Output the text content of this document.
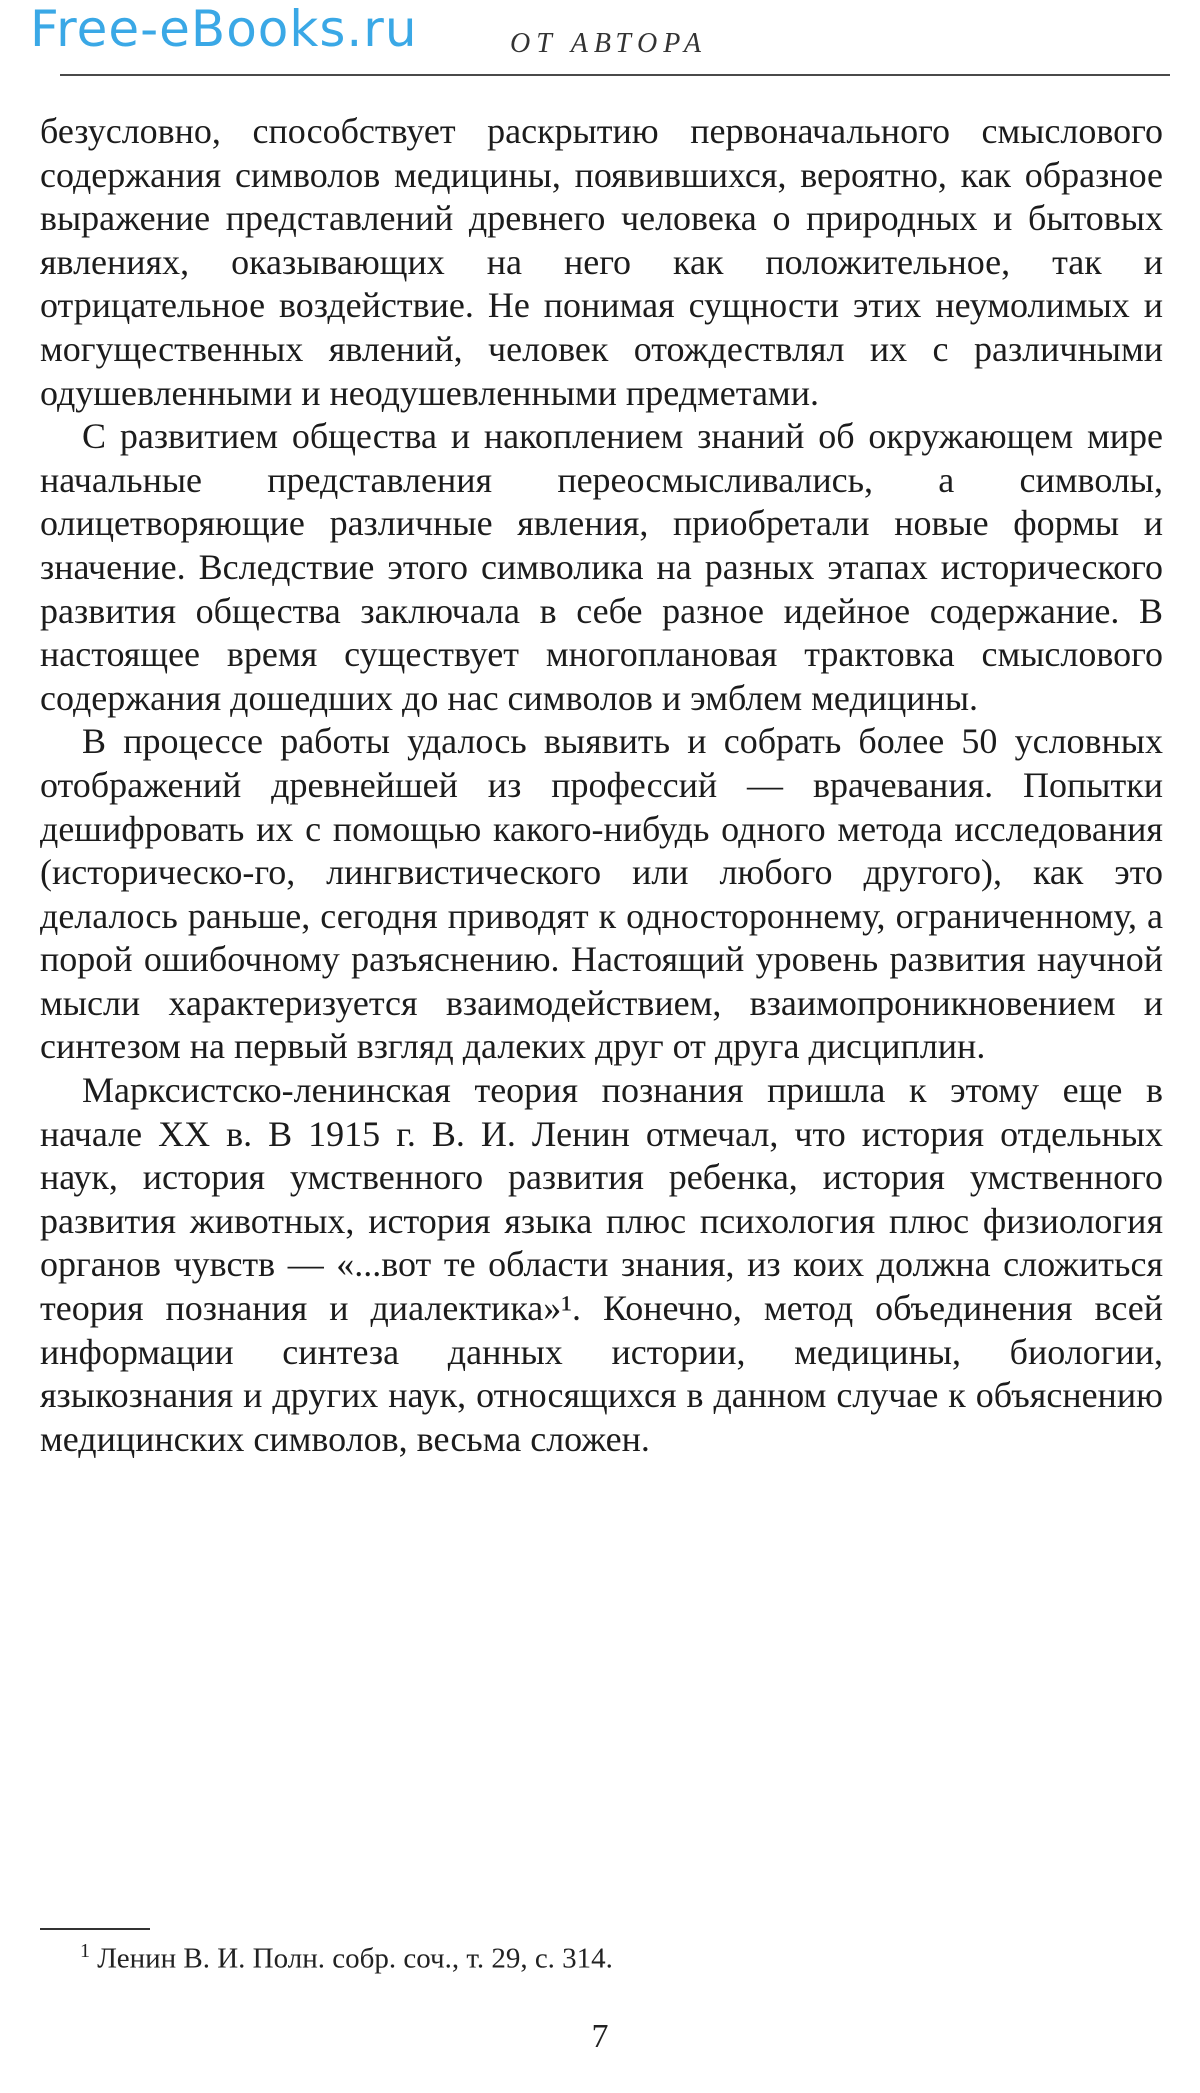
Free-eBooks.ru	ОТ АВТОРА

безусловно, способствует раскрытию первоначального смыслового содержания символов медицины, появившихся, вероятно, как образное выражение представлений древнего человека о природных и бытовых явлениях, оказывающих на него как положительное, так и отрицательное воздействие. Не понимая сущности этих неумолимых и могущественных явлений, человек отождествлял их с различными одушевленными и неодушевленными предметами.

С развитием общества и накоплением знаний об окружающем мире начальные представления переосмысливались, а символы, олицетворяющие различные явления, приобретали новые формы и значение. Вследствие этого символика на разных этапах исторического развития общества заключала в себе разное идейное содержание. В настоящее время существует многоплановая трактовка смыслового содержания дошедших до нас символов и эмблем медицины.

В процессе работы удалось выявить и собрать более 50 условных отображений древнейшей из профессий — врачевания. Попытки дешифровать их с помощью какого-нибудь одного метода исследования (историческо-го, лингвистического или любого другого), как это делалось раньше, сегодня приводят к одностороннему, ограниченному, а порой ошибочному разъяснению. Настоящий уровень развития научной мысли характеризуется взаимодействием, взаимопроникновением и синтезом на первый взгляд далеких друг от друга дисциплин.

Марксистско-ленинская теория познания пришла к этому еще в начале XX в. В 1915 г. В. И. Ленин отмечал, что история отдельных наук, история умственного развития ребенка, история умственного развития животных, история языка плюс психология плюс физиология органов чувств — «...вот те области знания, из коих должна сложиться теория познания и диалектика»¹. Конечно, метод объединения всей информации синтеза данных истории, медицины, биологии, языкознания и других наук, относящихся в данном случае к объяснению медицинских символов, весьма сложен.

$^1$ Ленин В. И. Полн. собр. соч., т. 29, с. 314.
7
